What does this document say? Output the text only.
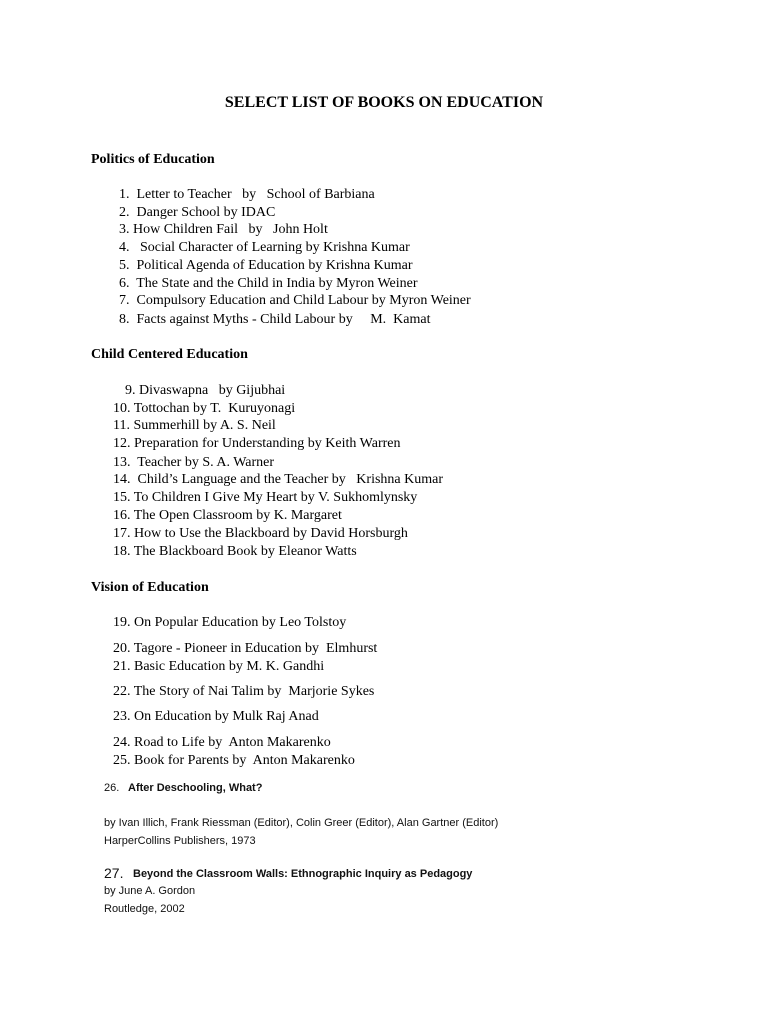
SELECT LIST OF BOOKS ON EDUCATION
Politics of Education
1.  Letter to Teacher   by   School of Barbiana
2.  Danger School by IDAC
3. How Children Fail   by   John Holt
4.   Social Character of Learning by Krishna Kumar
5.  Political Agenda of Education by Krishna Kumar
6.  The State and the Child in India by Myron Weiner
7.  Compulsory Education and Child Labour by Myron Weiner
8.  Facts against Myths - Child Labour by     M.  Kamat
Child Centered Education
9. Divaswapna   by Gijubhai
10. Tottochan by T.  Kuruyonagi
11. Summerhill by A. S. Neil
12. Preparation for Understanding by Keith Warren
13.  Teacher by S. A. Warner
14.  Child’s Language and the Teacher by   Krishna Kumar
15. To Children I Give My Heart by V. Sukhomlynsky
16. The Open Classroom by K. Margaret
17. How to Use the Blackboard by David Horsburgh
18. The Blackboard Book by Eleanor Watts
Vision of Education
19. On Popular Education by Leo Tolstoy
20. Tagore - Pioneer in Education by  Elmhurst
21. Basic Education by M. K. Gandhi
22. The Story of Nai Talim by  Marjorie Sykes
23. On Education by Mulk Raj Anad
24. Road to Life by  Anton Makarenko
25. Book for Parents by  Anton Makarenko
26. After Deschooling, What?
by Ivan Illich, Frank Riessman (Editor), Colin Greer (Editor), Alan Gartner (Editor)
HarperCollins Publishers, 1973
27. Beyond the Classroom Walls: Ethnographic Inquiry as Pedagogy
by June A. Gordon
Routledge, 2002
